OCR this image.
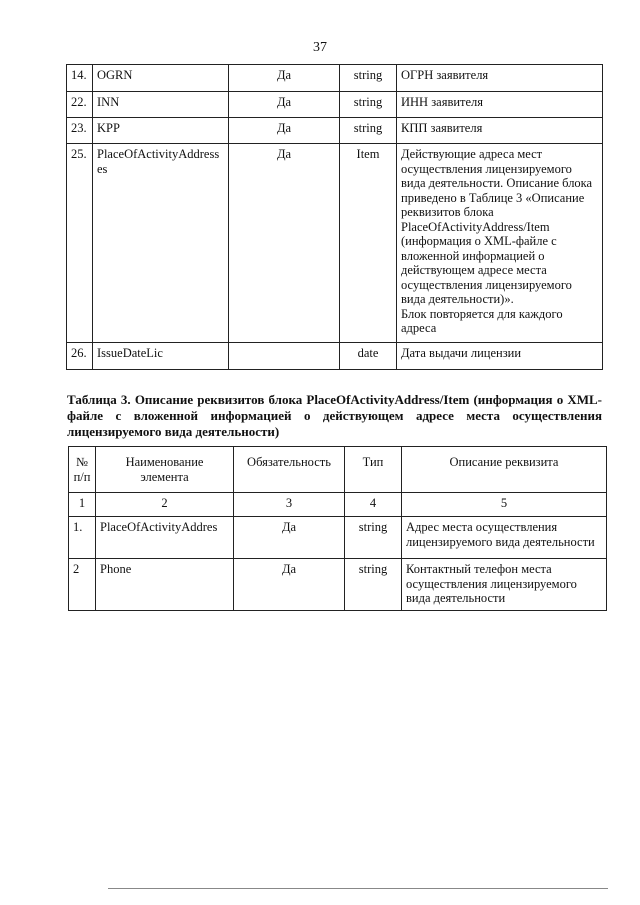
37
14.	OGRN	Да	string	ОГРН заявителя
22.	INN	Да	string	ИНН заявителя
23.	KPP	Да	string	КПП заявителя
25.	PlaceOfActivityAddresses	Да	Item	Действующие адреса мест осуществления лицензируемого вида деятельности. Описание блока приведено в Таблице 3 «Описание реквизитов блока PlaceOfActivityAddress/Item (информация о XML-файле с вложенной информацией о действующем адресе места осуществления лицензируемого вида деятельности)».
Блок повторяется для каждого адреса

26.	IssueDateLic		date	Дата выдачи лицензии
Таблица 3. Описание реквизитов блока PlaceOfActivityAddress/Item (информация о XML-файле с вложенной информацией о действующем адресе места осуществления лицензируемого вида деятельности)
№ п/п	Наименование элемента	Обязательность	Тип	Описание реквизита
1	2	3	4	5
1.	PlaceOfActivityAddres	Да	string	Адрес места осуществления лицензируемого вида деятельности
2	Phone	Да	string	Контактный телефон места осуществления лицензируемого вида деятельности
